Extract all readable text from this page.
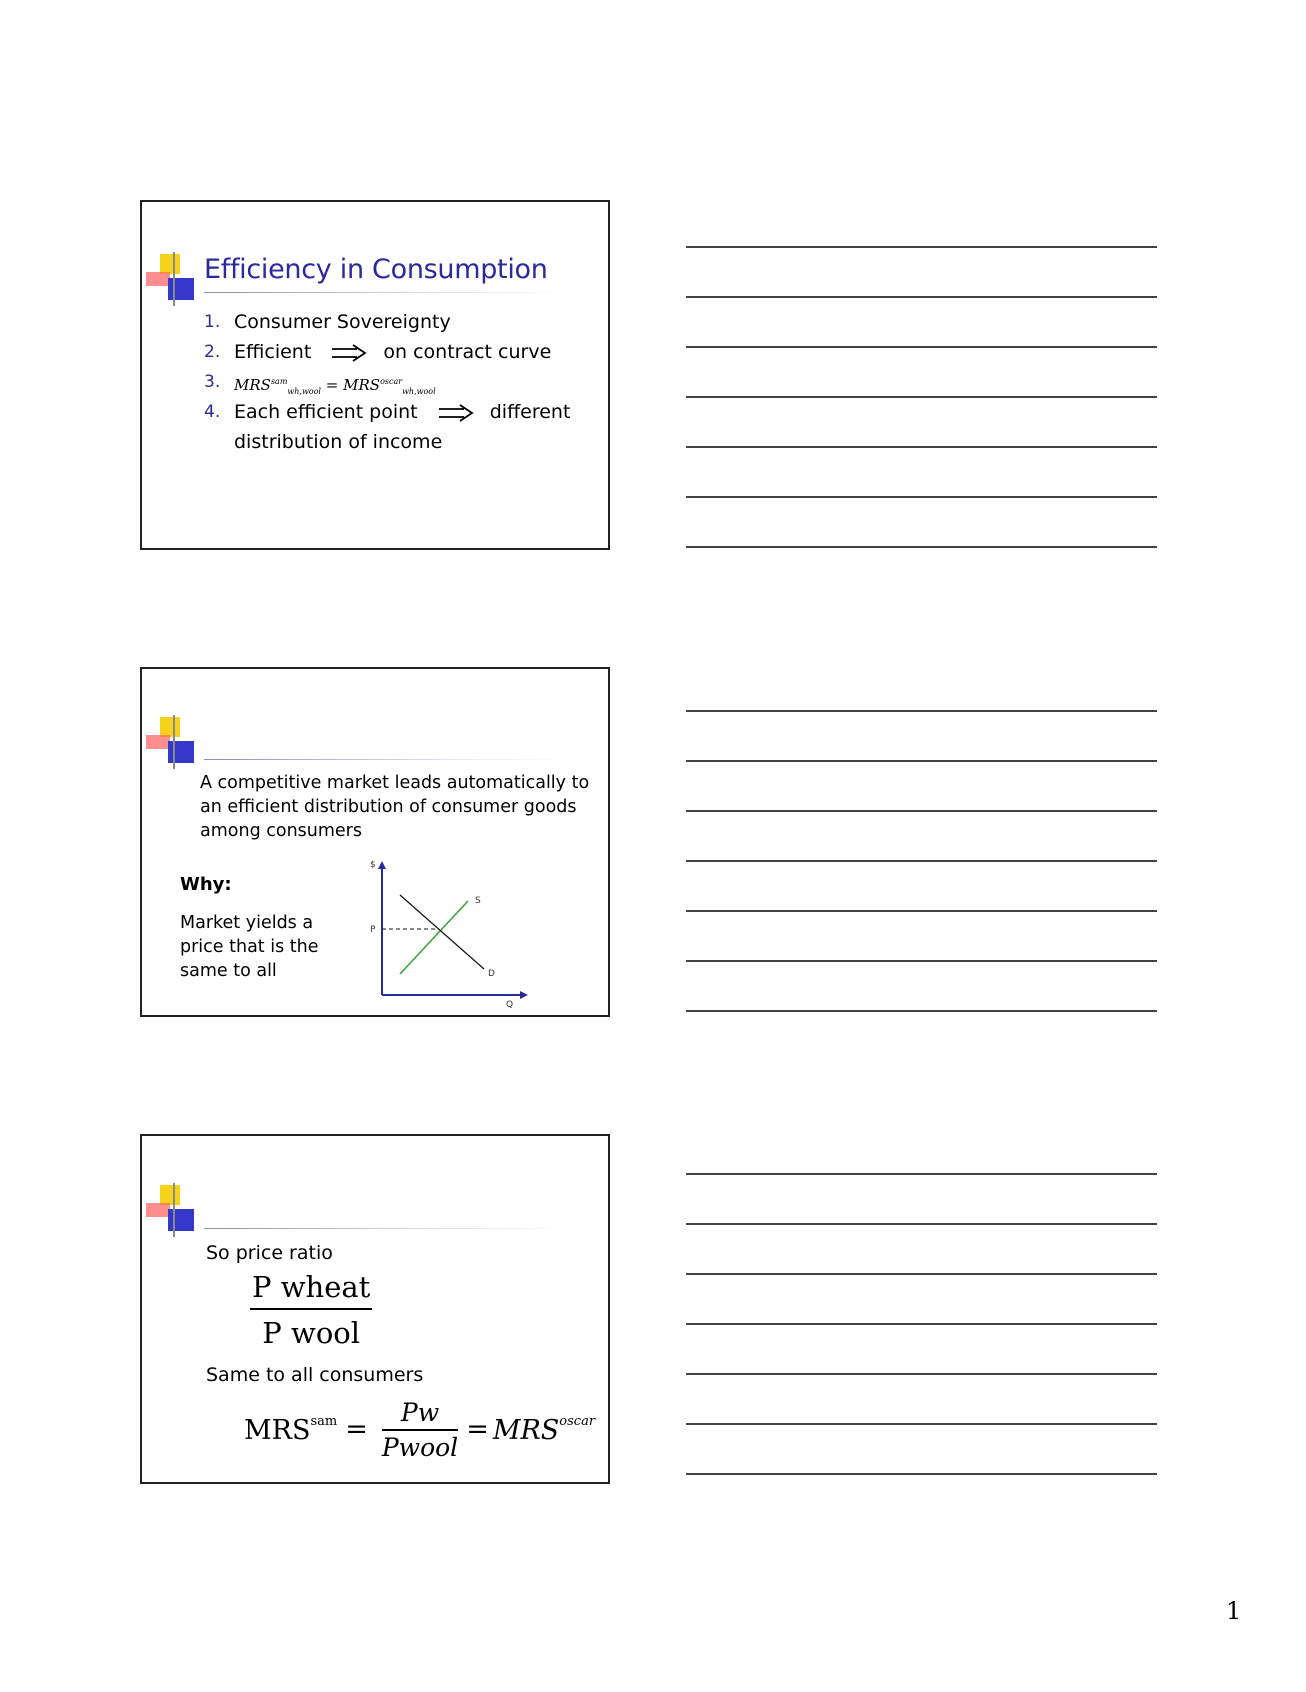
Efficiency in Consumption
1. Consumer Sovereignty
2. Efficient	on contract curve
3. $MRS^{sam}_{wh,wool} = MRS^{oscar}_{wh,wool}$
4. Each efficient point	different
distribution of income
A competitive market leads automatically to an efficient distribution of consumer goods among consumers
Why:
Market yields a price that is the same to all
$
S
D
P
Q
So price ratio
P wheat
P wool
Same to all consumers
$MRS^{sam} = \frac{Pw}{\text{Pwool}} = MRS^{oscar}$
1
